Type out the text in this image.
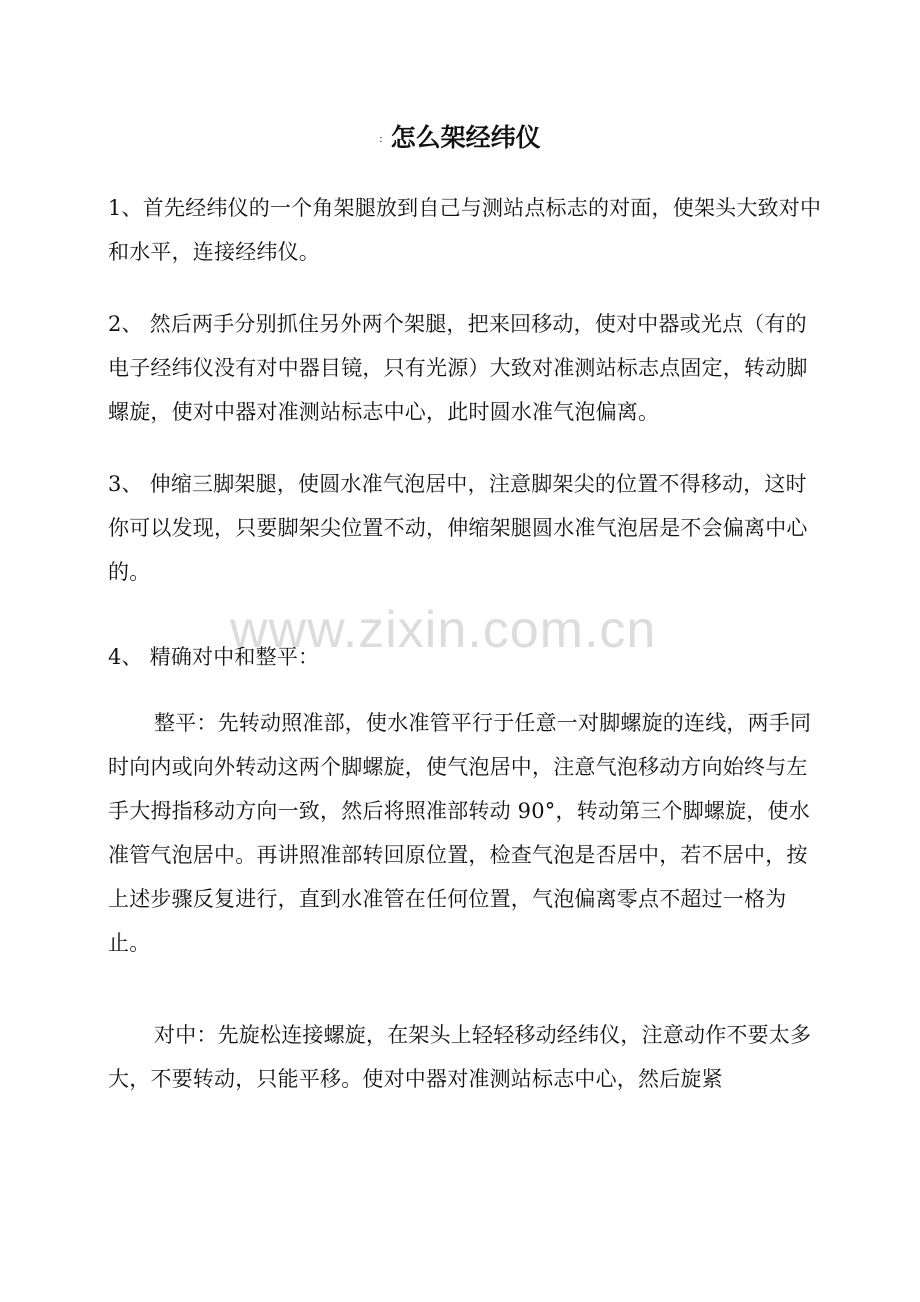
: 怎么架经纬仪

1、首先经纬仪的一个角架腿放到自己与测站点标志的对面，使架头大致对中和水平，连接经纬仪。

2、 然后两手分别抓住另外两个架腿，把来回移动，使对中器或光点（有的电子经纬仪没有对中器目镜，只有光源）大致对准测站标志点固定，转动脚螺旋，使对中器对准测站标志中心，此时圆水准气泡偏离。

3、 伸缩三脚架腿，使圆水准气泡居中，注意脚架尖的位置不得移动，这时你可以发现，只要脚架尖位置不动，伸缩架腿圆水准气泡居是不会偏离中心的。

4、 精确对中和整平：

整平：先转动照准部，使水准管平行于任意一对脚螺旋的连线，两手同时向内或向外转动这两个脚螺旋，使气泡居中，注意气泡移动方向始终与左手大拇指移动方向一致，然后将照准部转动 90°，转动第三个脚螺旋，使水准管气泡居中。再讲照准部转回原位置，检查气泡是否居中，若不居中，按上述步骤反复进行，直到水准管在任何位置，气泡偏离零点不超过一格为止。

对中：先旋松连接螺旋，在架头上轻轻移动经纬仪，注意动作不要太多大，不要转动，只能平移。使对中器对准测站标志中心，然后旋紧

www.zixin.com.cn
